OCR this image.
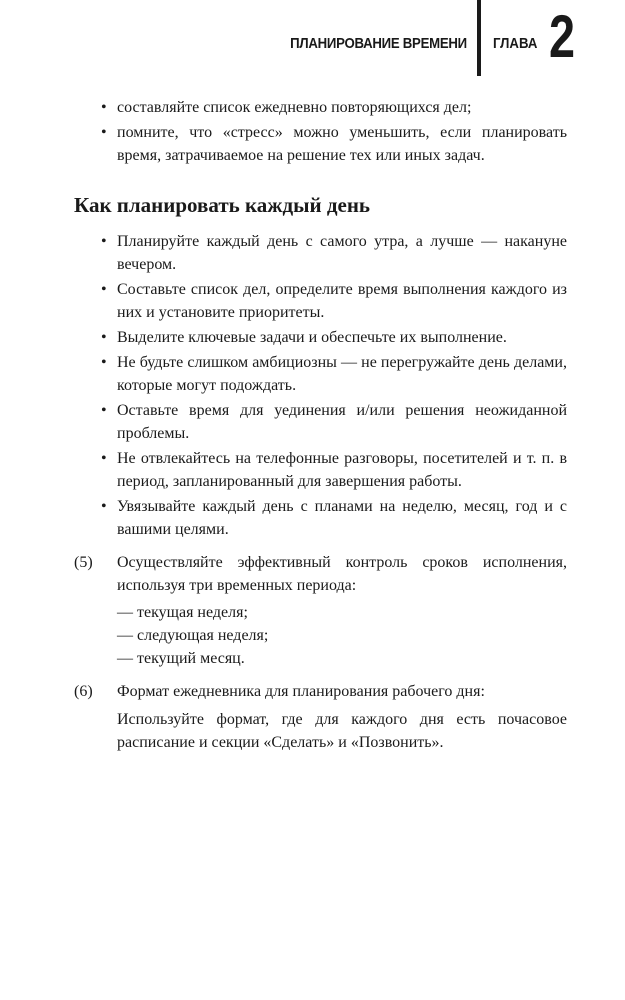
ПЛАНИРОВАНИЕ ВРЕМЕНИ ГЛАВА 2
• составляйте список ежедневно повторяющихся дел;
• помните, что «стресс» можно уменьшить, если планировать время, затрачиваемое на решение тех или иных задач.
Как планировать каждый день
• Планируйте каждый день с самого утра, а лучше — накануне вечером.
• Составьте список дел, определите время выполнения каждого из них и установите приоритеты.
• Выделите ключевые задачи и обеспечьте их выполнение.
• Не будьте слишком амбициозны — не перегружайте день делами, которые могут подождать.
• Оставьте время для уединения и/или решения неожиданной проблемы.
• Не отвлекайтесь на телефонные разговоры, посетителей и т. п. в период, запланированный для завершения работы.
• Увязывайте каждый день с планами на неделю, месяц, год и с вашими целями.
(5) Осуществляйте эффективный контроль сроков исполнения, используя три временных периода:
— текущая неделя;
— следующая неделя;
— текущий месяц.
(6) Формат ежедневника для планирования рабочего дня:
Используйте формат, где для каждого дня есть почасовое расписание и секции «Сделать» и «Позвонить».
